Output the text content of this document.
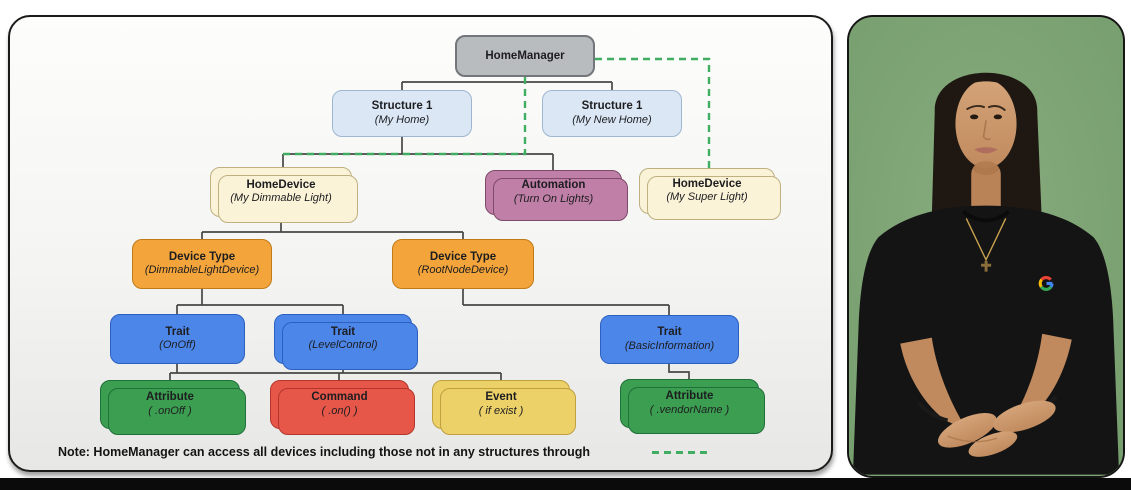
HomeManager
Structure 1
(My Home)
Structure 1
(My New Home)
HomeDevice
(My Dimmable Light)
Automation
(Turn On Lights)
HomeDevice
(My Super Light)
Device Type
(DimmableLightDevice)
Device Type
(RootNodeDevice)
Trait
(OnOff)
Trait
(LevelControl)
Trait
(BasicInformation)
Attribute
( .onOff )
Command
( .on() )
Event
( if exist )
Attribute
( .vendorName )
Note: HomeManager can access all devices including those not in any structures through
